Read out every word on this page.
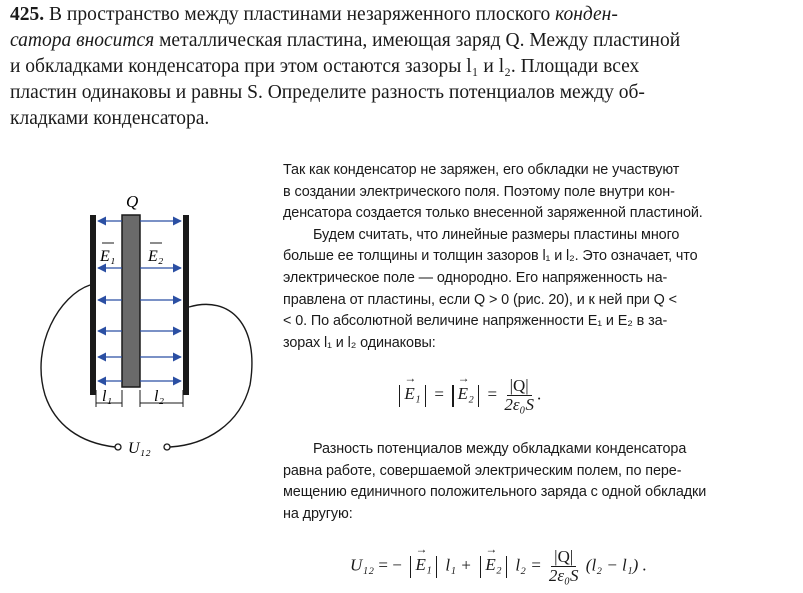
425. В пространство между пластинами незаряженного плоского конден-
сатора вносится металлическая пластина, имеющая заряд Q. Между пластиной
и обкладками конденсатора при этом остаются зазоры l₁ и l₂. Площади всех
пластин одинаковы и равны S. Определите разность потенциалов между об-
кладками конденсатора.
Q
E₁ E₂
l₁	l₂
U₁₂

Так как конденсатор не заряжен, его обкладки не участвуют
в создании электрического поля. Поэтому поле внутри кон-
денсатора создается только внесенной заряженной пластиной.

Будем считать, что линейные размеры пластины много
больше ее толщины и толщин зазоров l₁ и l₂. Это означает, что
электрическое поле — однородно. Его напряженность на-
правлена от пластины, если Q > 0 (рис. 20), и к ней при Q <
< 0. По абсолютной величине напряженности E₁ и E₂ в за-
зорах l₁ и l₂ одинаковы:

→ E₁ = → $E_2 = \frac{|Q|}{\text{2ε₀S}}$ .

Разность потенциалов между обкладками конденсатора
равна работе, совершаемой электрическим полем, по пере-
мещению единичного положительного заряда с одной обкладки
на другую:

U₁₂ = − → E₁ l₁ + → E₂ $l_2 = \frac{|Q|}{\text{2ε₀S}} (l_2 - l_1)$ .
